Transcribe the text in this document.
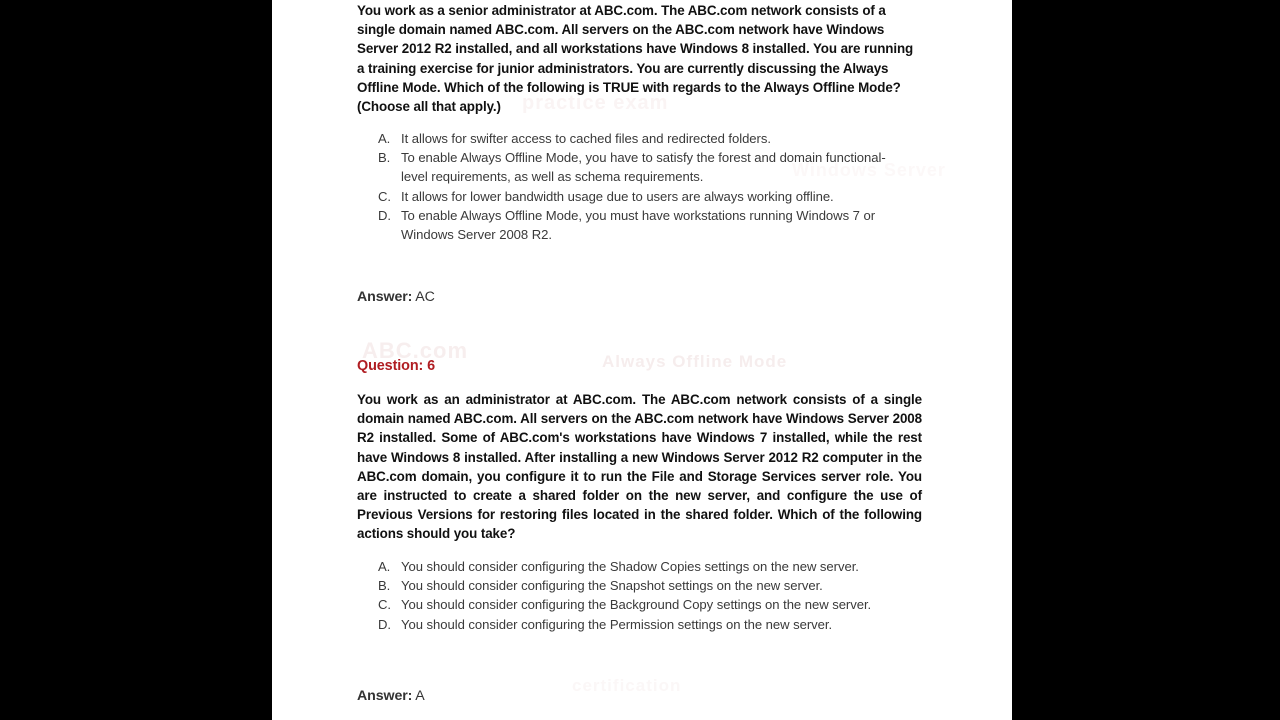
ABC.com	Always Offline Mode
certification
practice exam
Windows Server
You work as a senior administrator at ABC.com. The ABC.com network consists of a single domain named ABC.com. All servers on the ABC.com network have Windows Server 2012 R2 installed, and all workstations have Windows 8 installed. You are running a training exercise for junior administrators. You are currently discussing the Always Offline Mode. Which of the following is TRUE with regards to the Always Offline Mode? (Choose all that apply.)
A. It allows for swifter access to cached files and redirected folders.
B. To enable Always Offline Mode, you have to satisfy the forest and domain functional-level requirements, as well as schema requirements.
C. It allows for lower bandwidth usage due to users are always working offline.
D. To enable Always Offline Mode, you must have workstations running Windows 7 or Windows Server 2008 R2.
Answer: AC
Question: 6
You work as an administrator at ABC.com. The ABC.com network consists of a single domain named ABC.com. All servers on the ABC.com network have Windows Server 2008 R2 installed. Some of ABC.com's workstations have Windows 7 installed, while the rest have Windows 8 installed. After installing a new Windows Server 2012 R2 computer in the ABC.com domain, you configure it to run the File and Storage Services server role. You are instructed to create a shared folder on the new server, and configure the use of Previous Versions for restoring files located in the shared folder. Which of the following actions should you take?
A. You should consider configuring the Shadow Copies settings on the new server.
B. You should consider configuring the Snapshot settings on the new server.
C. You should consider configuring the Background Copy settings on the new server.
D. You should consider configuring the Permission settings on the new server.
Answer: A
